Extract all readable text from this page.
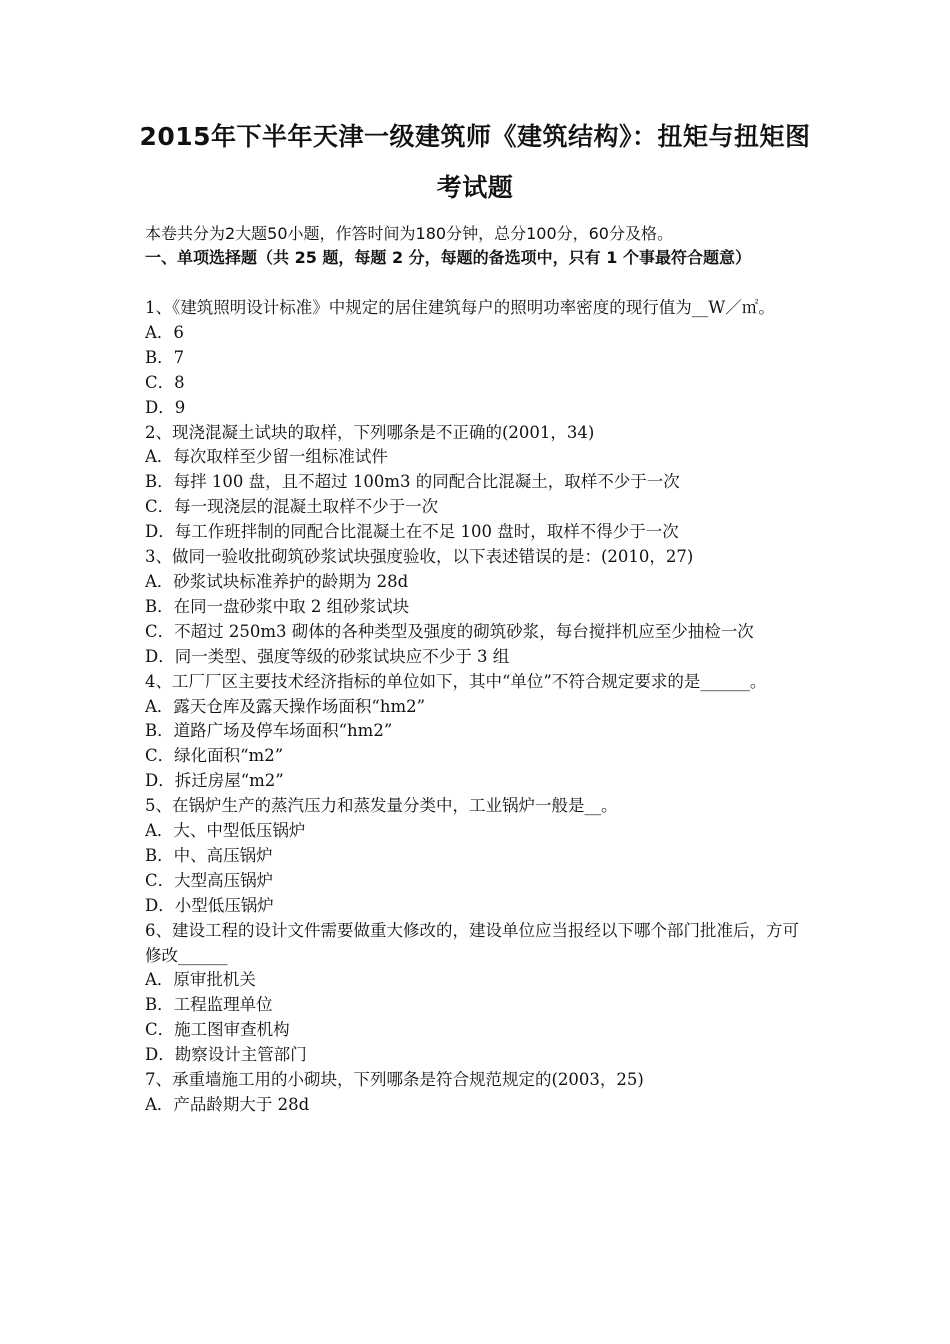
2015年下半年天津一级建筑师《建筑结构》：扭矩与扭矩图
考试题
本卷共分为2大题50小题，作答时间为180分钟，总分100分，60分及格。
一、单项选择题（共 25 题，每题 2 分，每题的备选项中，只有 1 个事最符合题意）
1、《建筑照明设计标准》中规定的居住建筑每户的照明功率密度的现行值为__W／㎡。
A．6
B．7
C．8
D．9
2、现浇混凝土试块的取样，下列哪条是不正确的(2001，34)
A．每次取样至少留一组标准试件
B．每拌 100 盘，且不超过 100m3 的同配合比混凝土，取样不少于一次
C．每一现浇层的混凝土取样不少于一次
D．每工作班拌制的同配合比混凝土在不足 100 盘时，取样不得少于一次
3、做同一验收批砌筑砂浆试块强度验收，以下表述错误的是：(2010，27)
A．砂浆试块标准养护的龄期为 28d
B．在同一盘砂浆中取 2 组砂浆试块
C．不超过 250m3 砌体的各种类型及强度的砌筑砂浆，每台搅拌机应至少抽检一次
D．同一类型、强度等级的砂浆试块应不少于 3 组
4、工厂厂区主要技术经济指标的单位如下，其中“单位”不符合规定要求的是______。
A．露天仓库及露天操作场面积“hm2”
B．道路广场及停车场面积“hm2”
C．绿化面积“m2”
D．拆迁房屋“m2”
5、在锅炉生产的蒸汽压力和蒸发量分类中，工业锅炉一般是__。
A．大、中型低压锅炉
B．中、高压锅炉
C．大型高压锅炉
D．小型低压锅炉
6、建设工程的设计文件需要做重大修改的，建设单位应当报经以下哪个部门批准后，方可修改______
A．原审批机关
B．工程监理单位
C．施工图审查机构
D．勘察设计主管部门
7、承重墙施工用的小砌块，下列哪条是符合规范规定的(2003，25)
A．产品龄期大于 28d
